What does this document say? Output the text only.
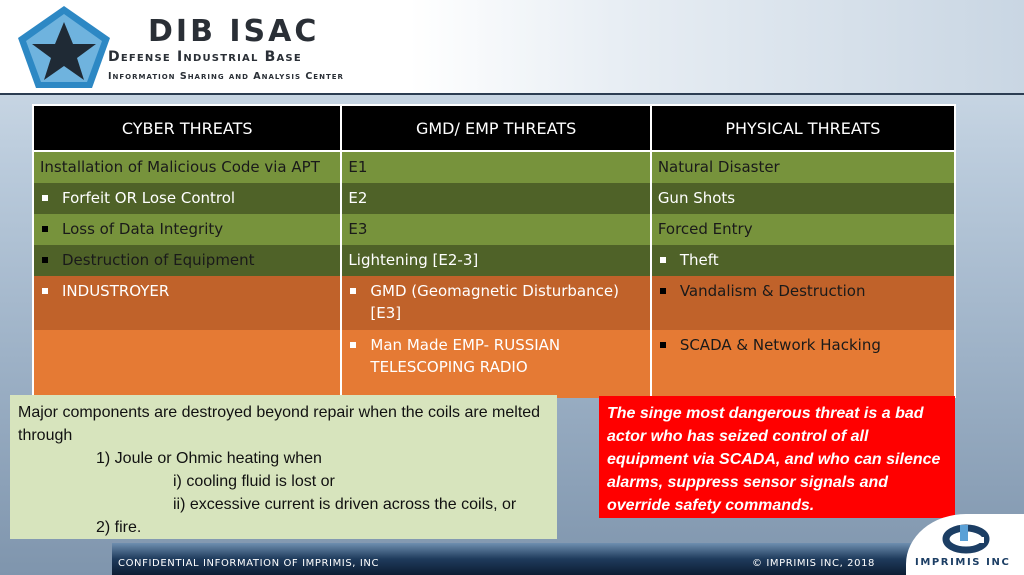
DIB ISAC
Defense Industrial Base
Information Sharing and Analysis Center
CYBER THREATS	GMD/ EMP THREATS	PHYSICAL THREATS
Installation of Malicious Code via APT	E1	Natural Disaster

Forfeit OR Lose Control	E2	Gun Shots

Loss of Data Integrity	E3	Forced Entry

Destruction of Equipment	Lightening [E2-3]	Theft

INDUSTROYER	GMD (Geomagnetic Disturbance) [E3]	Vandalism & Destruction

	Man Made EMP- RUSSIAN TELESCOPING RADIO	SCADA & Network Hacking
Major components are destroyed beyond repair when the coils are melted through
1) Joule or Ohmic heating when
i) cooling fluid is lost or
ii) excessive current is driven across the coils, or
2) fire.
The singe most dangerous threat is a bad actor who has seized control of all equipment via SCADA, and who can silence alarms, suppress sensor signals and override safety commands.
CONFIDENTIAL INFORMATION OF IMPRIMIS, INC	© IMPRIMIS INC, 2018	IMPRIMIS INC
